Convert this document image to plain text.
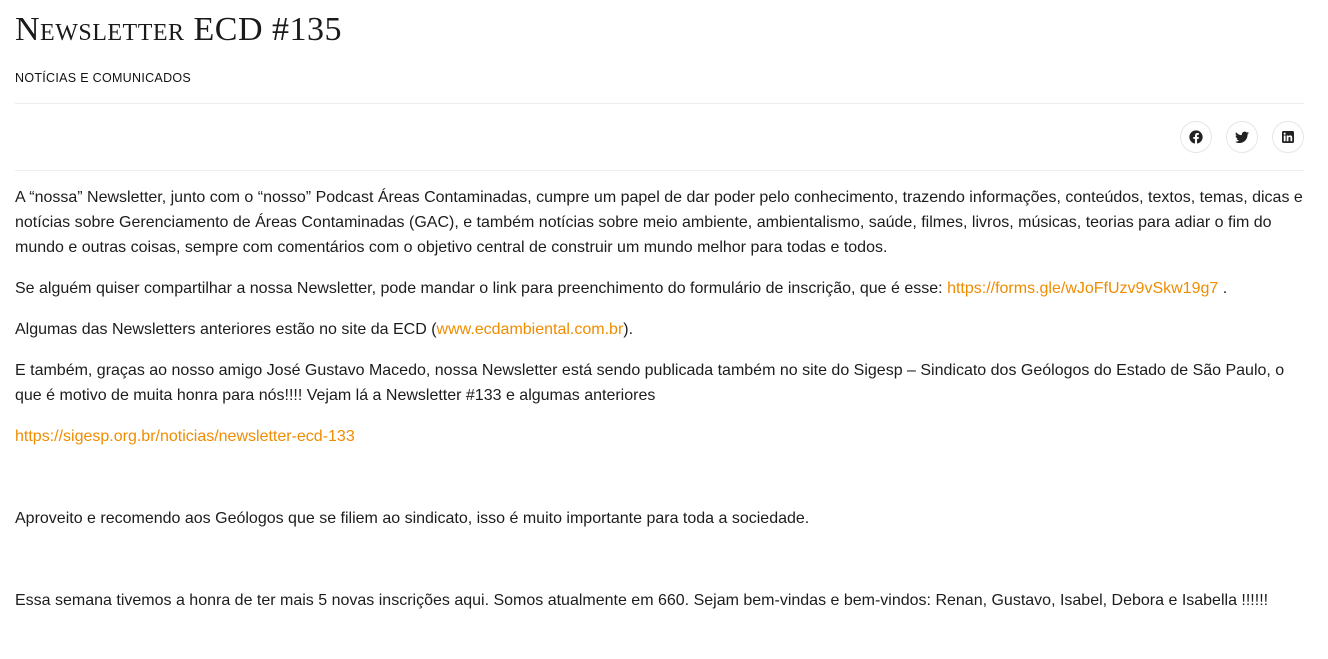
Newsletter ECD #135
NOTÍCIAS E COMUNICADOS

A “nossa” Newsletter, junto com o “nosso” Podcast Áreas Contaminadas, cumpre um papel de dar poder pelo conhecimento, trazendo informações, conteúdos, textos, temas, dicas e notícias sobre Gerenciamento de Áreas Contaminadas (GAC), e também notícias sobre meio ambiente, ambientalismo, saúde, filmes, livros, músicas, teorias para adiar o fim do mundo e outras coisas, sempre com comentários com o objetivo central de construir um mundo melhor para todas e todos.

Se alguém quiser compartilhar a nossa Newsletter, pode mandar o link para preenchimento do formulário de inscrição, que é esse: https://forms.gle/wJoFfUzv9vSkw19g7 .

Algumas das Newsletters anteriores estão no site da ECD (www.ecdambiental.com.br).

E também, graças ao nosso amigo José Gustavo Macedo, nossa Newsletter está sendo publicada também no site do Sigesp – Sindicato dos Geólogos do Estado de São Paulo, o que é motivo de muita honra para nós!!!! Vejam lá a Newsletter #133 e algumas anteriores

https://sigesp.org.br/noticias/newsletter-ecd-133

Aproveito e recomendo aos Geólogos que se filiem ao sindicato, isso é muito importante para toda a sociedade.

Essa semana tivemos a honra de ter mais 5 novas inscrições aqui. Somos atualmente em 660. Sejam bem-vindas e bem-vindos: Renan, Gustavo, Isabel, Debora e Isabella !!!!!!
